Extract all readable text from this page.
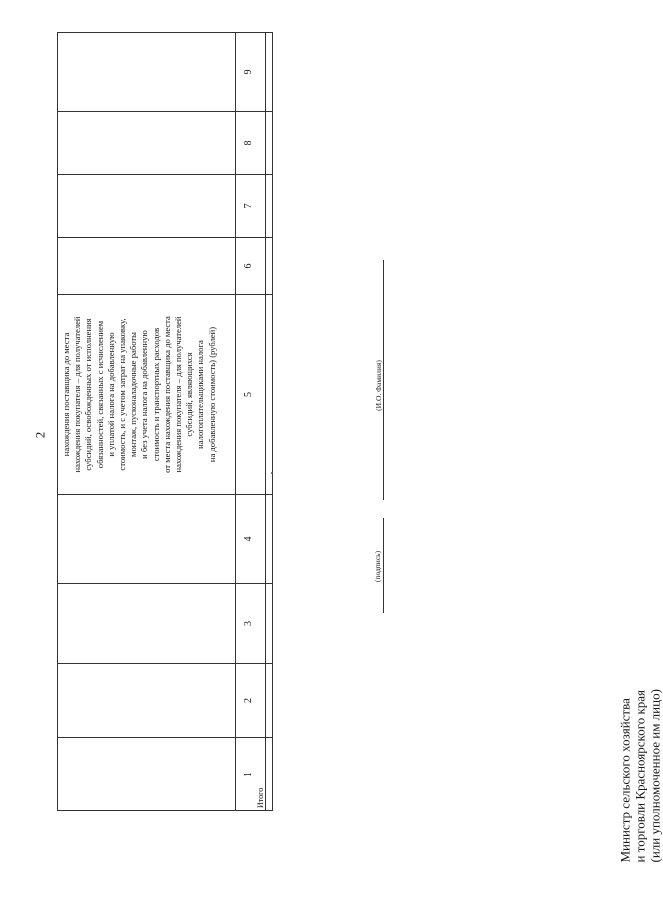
2 нахождения поставщика до места
нахождения покупателя – для получателей
субсидий, освобожденных от исполнения
обязанностей, связанных с исчислением
и уплатой налога на добавленную
стоимость, и с учетом затрат на упаковку,
монтаж, пусконаладочные работы
и без учета налога на добавленную
стоимость и транспортных расходов
от места нахождения поставщика до места
нахождения покупателя – для получателей
субсидий, являющихся
налогоплательщиками налога
на добавленную стоимость) (рублей)
1
2
3
4
5
6
7
8
9
Итого	Министр сельского хозяйства и торговли Красноярского края (или уполномоченное им лицо)
(подпись)
(И.О. Фамилия)
